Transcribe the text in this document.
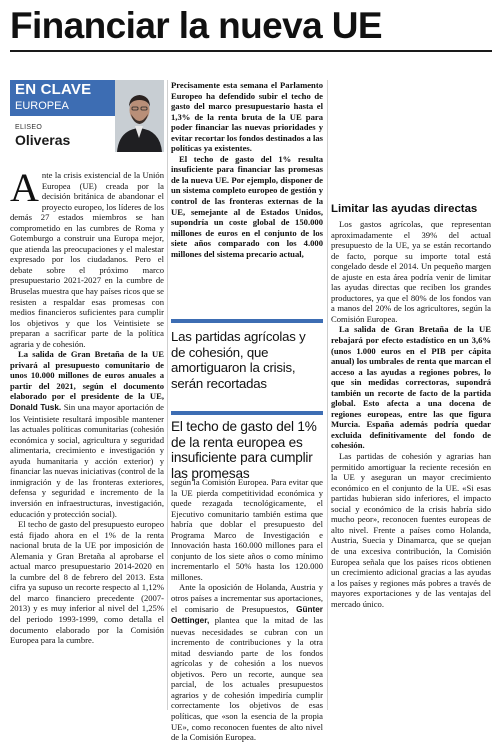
Financiar la nueva UE
EN CLAVE
EUROPEA
ELISEO
Oliveras

Ante la crisis existencial de la Unión Europea (UE) creada por la decisión británica de abandonar el proyecto europeo, los líderes de los demás 27 estados miembros se han comprometido en las cumbres de Roma y Gotemburgo a construir una Europa mejor, que atienda las preocupaciones y el malestar expresado por los ciudadanos. Pero el debate sobre el próximo marco presupuestario 2021-2027 en la cumbre de Bruselas muestra que hay países ricos que se resisten a respaldar esas promesas con medios financieros suficientes para cumplir los objetivos y que los Veintisiete se preparan a sacrificar parte de la política agraria y de cohesión.

La salida de Gran Bretaña de la UE privará al presupuesto comunitario de unos 10.000 millones de euros anuales a partir del 2021, según el documento elaborado por el presidente de la UE, Donald Tusk. Sin una mayor aportación de los Veintisiete resultará imposible mantener las actuales políticas comunitarias (cohesión económica y social, agricultura y seguridad alimentaria, crecimiento e investigación y ayuda humanitaria y acción exterior) y financiar las nuevas iniciativas (control de la inmigración y de las fronteras exteriores, defensa y seguridad e incremento de la inversión en infraestructuras, investigación, educación y protección social).

El techo de gasto del presupuesto europeo está fijado ahora en el 1% de la renta nacional bruta de la UE por imposición de Alemania y Gran Bretaña al aprobarse el actual marco presupuestario 2014-2020 en la cumbre del 8 de febrero del 2013. Esta cifra ya supuso un recorte respecto al 1,12% del marco financiero precedente (2007-2013) y es muy inferior al nivel del 1,25% del periodo 1993-1999, como detalla el documento elaborado por la Comisión Europea para la cumbre.

Precisamente esta semana el Parlamento Europeo ha defendido subir el techo de gasto del marco presupuestario hasta el 1,3% de la renta bruta de la UE para poder financiar las nuevas prioridades y evitar recortar los fondos destinados a las políticas ya existentes.

El techo de gasto del 1% resulta insuficiente para financiar las promesas de la nueva UE. Por ejemplo, disponer de un sistema completo europeo de gestión y control de las fronteras externas de la UE, semejante al de Estados Unidos, supondría un coste global de 150.000 millones de euros en el conjunto de los siete años comparado con los 4.000 millones del sistema precario actual,

Las partidas agrícolas y de cohesión, que amortiguaron la crisis, serán recortadas
El techo de gasto del 1% de la renta europea es insuficiente para cumplir las promesas

según la Comisión Europea. Para evitar que la UE pierda competitividad económica y quede rezagada tecnológicamente, el Ejecutivo comunitario también estima que habría que doblar el presupuesto del Programa Marco de Investigación e Innovación hasta 160.000 millones para el conjunto de los siete años o como mínimo incrementarlo el 50% hasta los 120.000 millones.

Ante la oposición de Holanda, Austria y otros países a incrementar sus aportaciones, el comisario de Presupuestos, Günter Oettinger, plantea que la mitad de las nuevas necesidades se cubran con un incremento de contribuciones y la otra mitad desviando parte de los fondos agrícolas y de cohesión a los nuevos objetivos. Pero un recorte, aunque sea parcial, de los actuales presupuestos agrarios y de cohesión impediría cumplir correctamente los objetivos de esas políticas, que «son la esencia de la propia UE», como reconocen fuentes de alto nivel de la Comisión Europea.

Limitar las ayudas directas

Los gastos agrícolas, que representan aproximadamente el 39% del actual presupuesto de la UE, ya se están recortando de facto, porque su importe total está congelado desde el 2014. Un pequeño margen de ajuste en esta área podría venir de limitar las ayudas directas que reciben los grandes productores, ya que el 80% de los fondos van a manos del 20% de los agricultores, según la Comisión Europea.

La salida de Gran Bretaña de la UE rebajará por efecto estadístico en un 3,6% (unos 1.000 euros en el PIB per cápita anual) los umbrales de renta que marcan el acceso a las ayudas a regiones pobres, lo que sin medidas correctoras, supondrá también un recorte de facto de la partida global. Esto afecta a una docena de regiones europeas, entre las que figura Murcia. España además podría quedar excluida definitivamente del fondo de cohesión.

Las partidas de cohesión y agrarias han permitido amortiguar la reciente recesión en la UE y aseguran un mayor crecimiento económico en el conjunto de la UE. «Si esas partidas hubieran sido inferiores, el impacto social y económico de la crisis habría sido mucho peor», reconocen fuentes europeas de alto nivel. Frente a países como Holanda, Austria, Suecia y Dinamarca, que se quejan de una excesiva contribución, la Comisión Europea señala que los países ricos obtienen un crecimiento adicional gracias a las ayudas a los países y regiones más pobres a través de mayores exportaciones y de las ventajas del mercado único.
